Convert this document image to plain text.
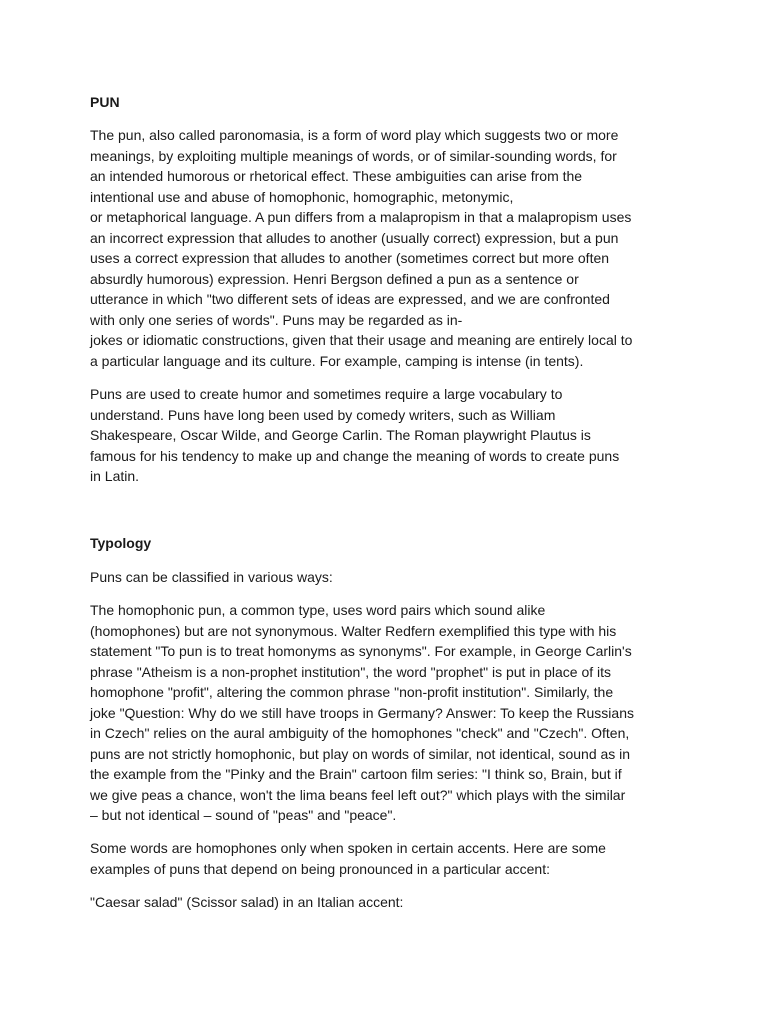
PUN
The pun, also called paronomasia, is a form of word play which suggests two or more
meanings, by exploiting multiple meanings of words, or of similar-sounding words, for
an intended humorous or rhetorical effect. These ambiguities can arise from the
intentional use and abuse of homophonic, homographic, metonymic,
or metaphorical language. A pun differs from a malapropism in that a malapropism uses
an incorrect expression that alludes to another (usually correct) expression, but a pun
uses a correct expression that alludes to another (sometimes correct but more often
absurdly humorous) expression. Henri Bergson defined a pun as a sentence or
utterance in which "two different sets of ideas are expressed, and we are confronted
with only one series of words". Puns may be regarded as in-
jokes or idiomatic constructions, given that their usage and meaning are entirely local to
a particular language and its culture. For example, camping is intense (in tents).
Puns are used to create humor and sometimes require a large vocabulary to
understand. Puns have long been used by comedy writers, such as William
Shakespeare, Oscar Wilde, and George Carlin. The Roman playwright Plautus is
famous for his tendency to make up and change the meaning of words to create puns
in Latin.
Typology
Puns can be classified in various ways:
The homophonic pun, a common type, uses word pairs which sound alike
(homophones) but are not synonymous. Walter Redfern exemplified this type with his
statement "To pun is to treat homonyms as synonyms". For example, in George Carlin's
phrase "Atheism is a non-prophet institution", the word "prophet" is put in place of its
homophone "profit", altering the common phrase "non-profit institution". Similarly, the
joke "Question: Why do we still have troops in Germany? Answer: To keep the Russians
in Czech" relies on the aural ambiguity of the homophones "check" and "Czech". Often,
puns are not strictly homophonic, but play on words of similar, not identical, sound as in
the example from the "Pinky and the Brain" cartoon film series: "I think so, Brain, but if
we give peas a chance, won't the lima beans feel left out?" which plays with the similar
– but not identical – sound of "peas" and "peace".
Some words are homophones only when spoken in certain accents. Here are some
examples of puns that depend on being pronounced in a particular accent:
"Caesar salad" (Scissor salad) in an Italian accent:
